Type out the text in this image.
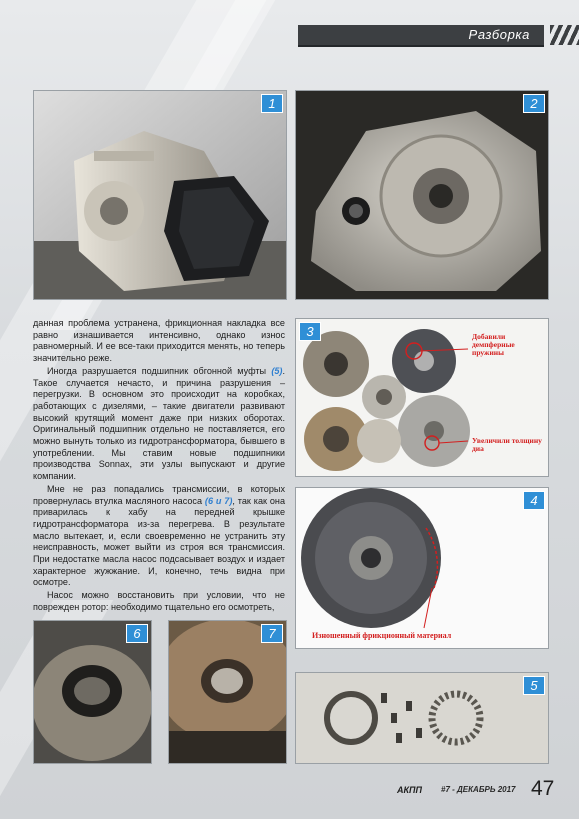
Разборка
1	2
3	Добавили демпферные пружины
Увеличили толщину диа
4
Изношенный фрикционный материал
5
6	7

данная проблема устранена, фрикционная накладка все равно изнашивается интенсивно, однако износ равномерный. И ее все-таки приходится менять, но теперь значительно реже.

Иногда разрушается подшипник обгонной муфты (5). Такое случается нечасто, и причина разрушения – перегрузки. В основном это происходит на коробках, работающих с дизелями, – такие двигатели развивают высокий крутящий момент даже при низких оборотах. Оригинальный подшипник отдельно не поставляется, его можно вынуть только из гидротрансформатора, бывшего в употреблении. Мы ставим новые подшипники производства Sonnax, эти узлы выпускают и другие компании.

Мне не раз попадались трансмиссии, в которых провернулась втулка масляного насоса (6 и 7), так как она приварилась к хабу на передней крышке гидротрансформатора из-за перегрева. В результате масло вытекает, и, если своевременно не устранить эту неисправность, может выйти из строя вся трансмиссия. При недостатке масла насос подсасывает воздух и издает характерное жужжание. И, конечно, течь видна при осмотре.

Насос можно восстановить при условии, что не поврежден ротор: необходимо тщательно его осмотреть,

АКПП #7 - ДЕКАБРЬ 2017 47
